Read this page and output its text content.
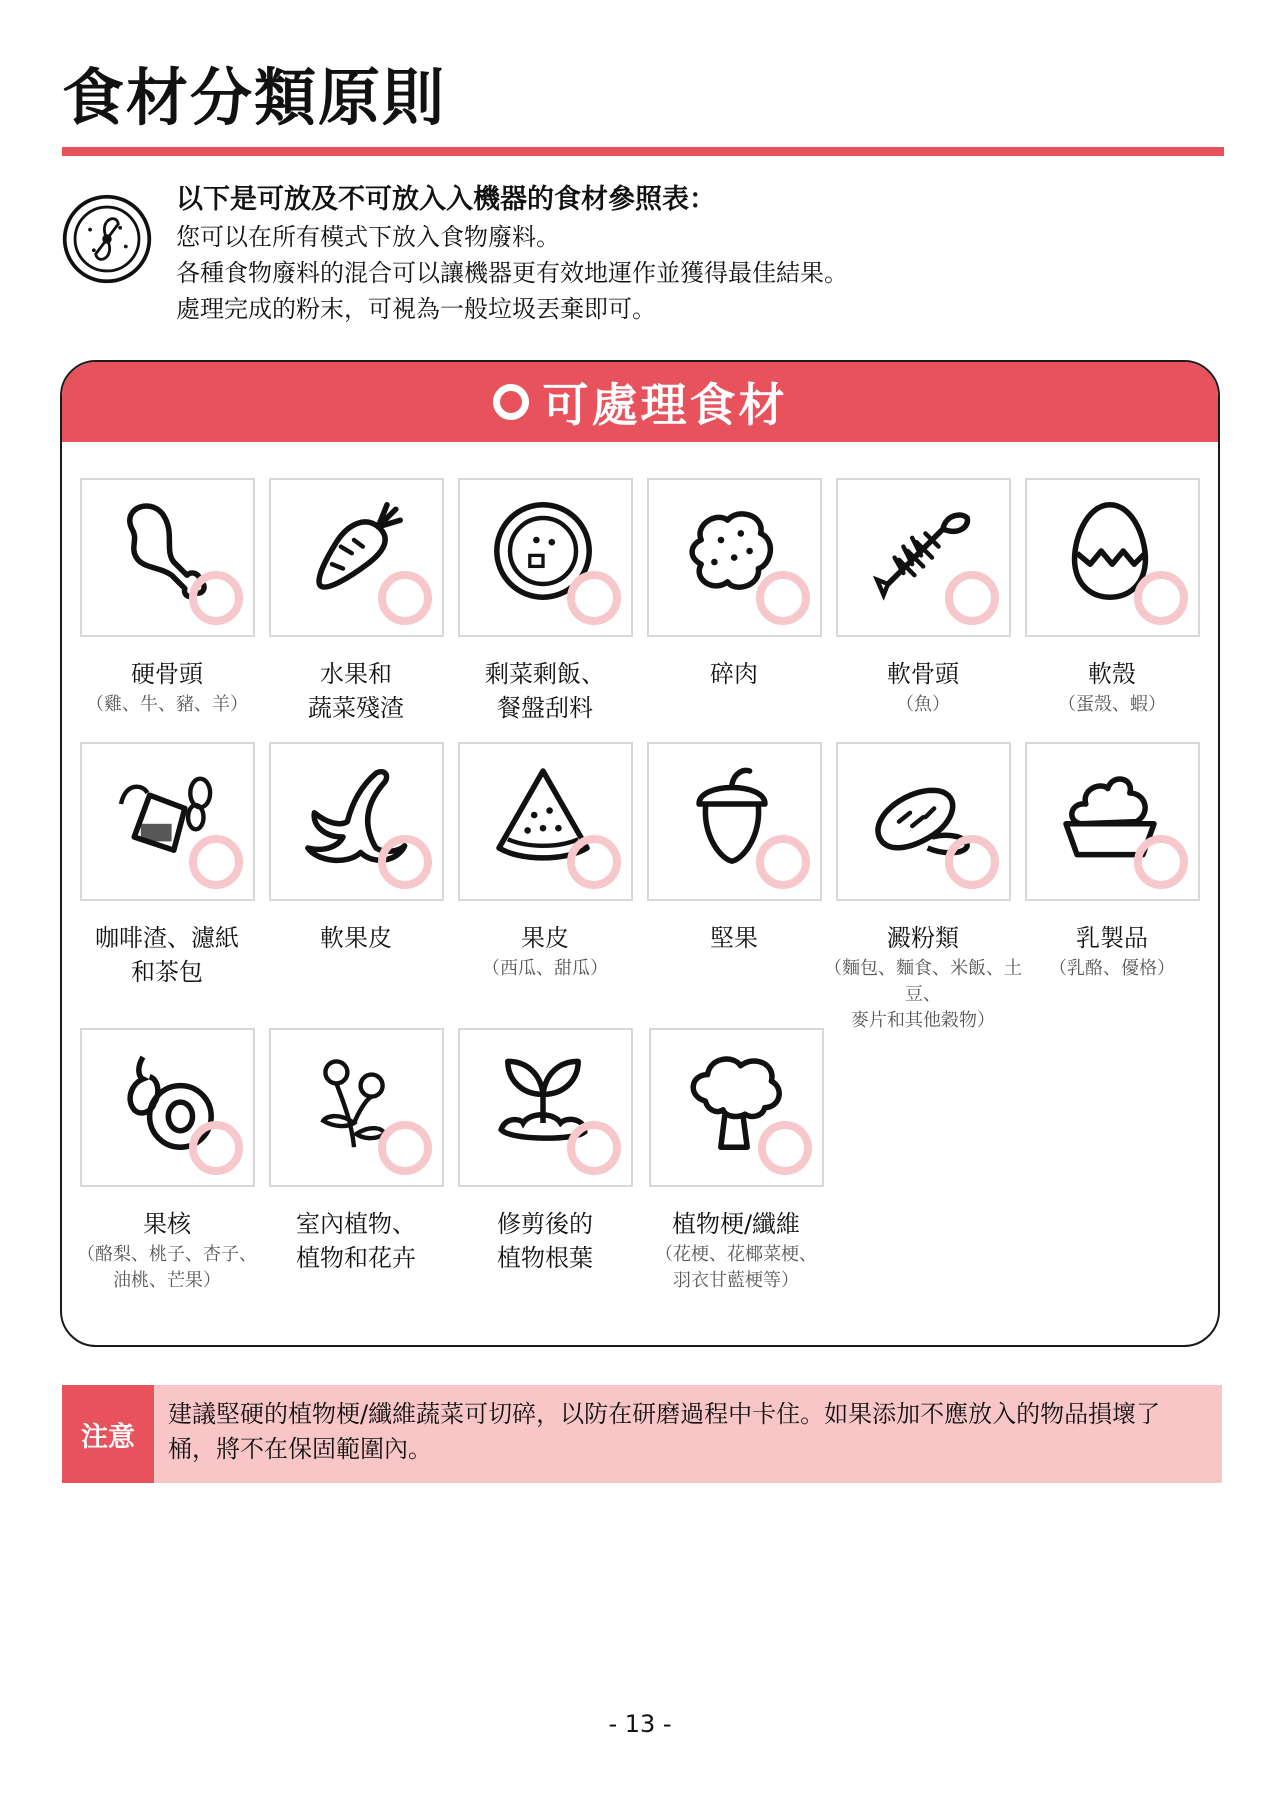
食材分類原則

以下是可放及不可放入入機器的食材參照表：

您可以在所有模式下放入食物廢料。

各種食物廢料的混合可以讓機器更有效地運作並獲得最佳結果。

處理完成的粉末，可視為一般垃圾丟棄即可。

可處理食材
硬骨頭
（雞、牛、豬、羊）
水果和
蔬菜殘渣
剩菜剩飯、
餐盤刮料
碎肉	軟骨頭
（魚）
軟殼
（蛋殼、蝦）
咖啡渣、濾紙
和茶包
軟果皮	果皮
（西瓜、甜瓜）
堅果	澱粉類
（麵包、麵食、米飯、土豆、
麥片和其他穀物）
乳製品
（乳酪、優格）
果核
（酪梨、桃子、杏子、
油桃、芒果）
室內植物、
植物和花卉
修剪後的
植物根葉
植物梗/纖維
（花梗、花椰菜梗、
羽衣甘藍梗等）
注意
建議堅硬的植物梗/纖維蔬菜可切碎，以防在研磨過程中卡住。如果添加不應放入的物品損壞了桶，將不在保固範圍內。
- 13 -
